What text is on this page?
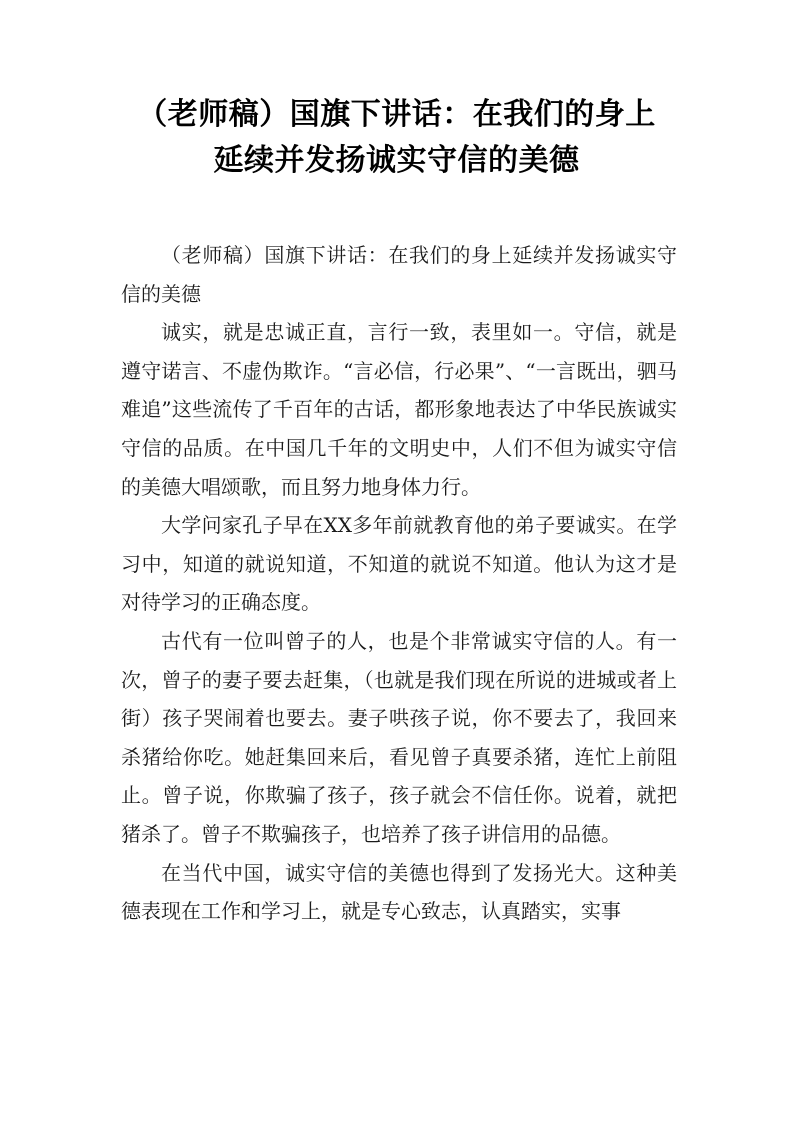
（老师稿）国旗下讲话：在我们的身上
延续并发扬诚实守信的美德

（老师稿）国旗下讲话：在我们的身上延续并发扬诚实守信的美德

诚实，就是忠诚正直，言行一致，表里如一。守信，就是遵守诺言、不虚伪欺诈。“言必信，行必果”、“一言既出，驷马难追”这些流传了千百年的古话，都形象地表达了中华民族诚实守信的品质。在中国几千年的文明史中，人们不但为诚实守信的美德大唱颂歌，而且努力地身体力行。

大学问家孔子早在XX多年前就教育他的弟子要诚实。在学习中，知道的就说知道，不知道的就说不知道。他认为这才是对待学习的正确态度。

古代有一位叫曾子的人，也是个非常诚实守信的人。有一次，曾子的妻子要去赶集，（也就是我们现在所说的进城或者上街）孩子哭闹着也要去。妻子哄孩子说，你不要去了，我回来杀猪给你吃。她赶集回来后，看见曾子真要杀猪，连忙上前阻止。曾子说，你欺骗了孩子，孩子就会不信任你。说着，就把猪杀了。曾子不欺骗孩子，也培养了孩子讲信用的品德。

在当代中国，诚实守信的美德也得到了发扬光大。这种美德表现在工作和学习上，就是专心致志，认真踏实，实事
